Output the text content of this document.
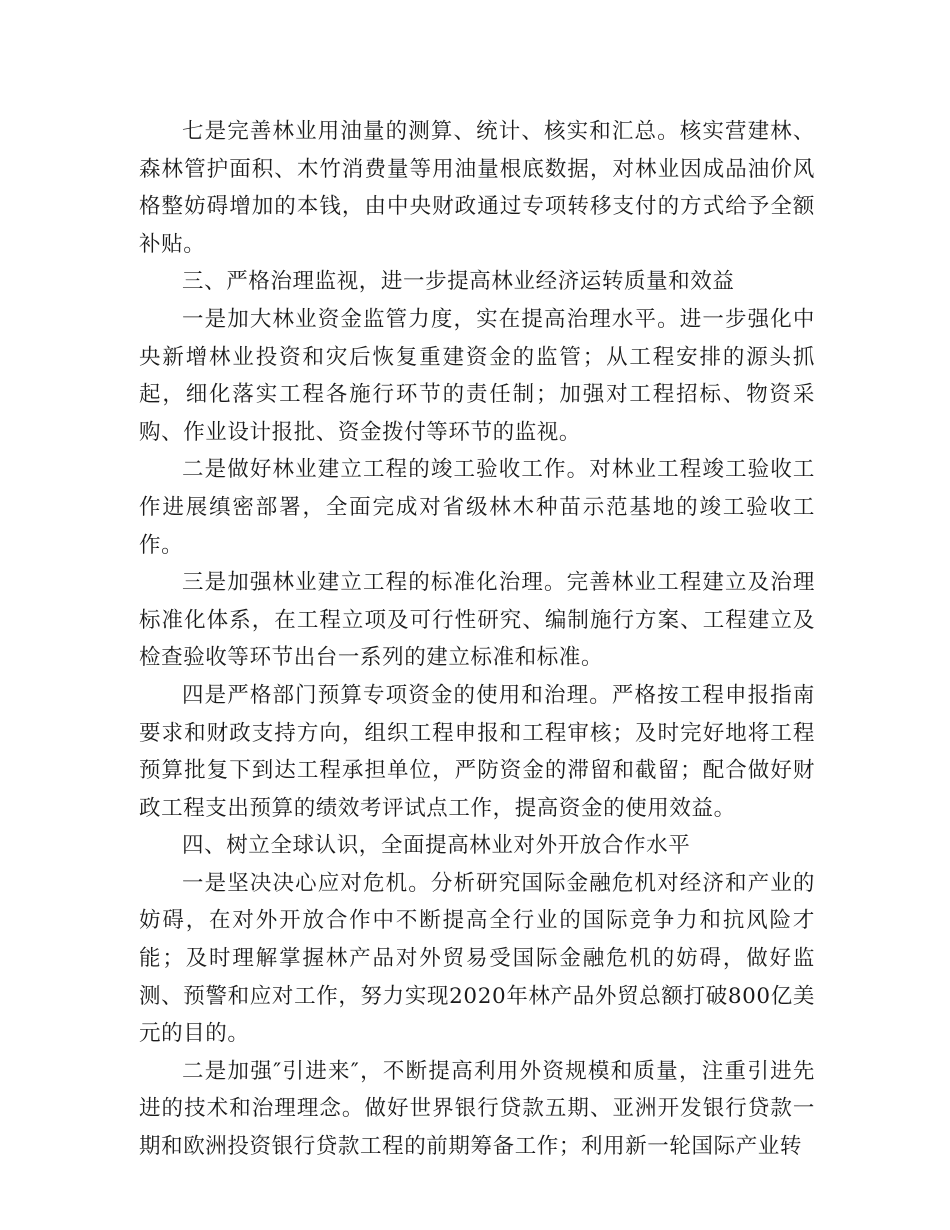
七是完善林业用油量的测算、统计、核实和汇总。核实营建林、森林管护面积、木竹消费量等用油量根底数据，对林业因成品油价风格整妨碍增加的本钱，由中央财政通过专项转移支付的方式给予全额补贴。

三、严格治理监视，进一步提高林业经济运转质量和效益

一是加大林业资金监管力度，实在提高治理水平。进一步强化中央新增林业投资和灾后恢复重建资金的监管；从工程安排的源头抓起，细化落实工程各施行环节的责任制；加强对工程招标、物资采购、作业设计报批、资金拨付等环节的监视。

二是做好林业建立工程的竣工验收工作。对林业工程竣工验收工作进展缜密部署，全面完成对省级林木种苗示范基地的竣工验收工作。

三是加强林业建立工程的标准化治理。完善林业工程建立及治理标准化体系，在工程立项及可行性研究、编制施行方案、工程建立及检查验收等环节出台一系列的建立标准和标准。

四是严格部门预算专项资金的使用和治理。严格按工程申报指南要求和财政支持方向，组织工程申报和工程审核；及时完好地将工程预算批复下到达工程承担单位，严防资金的滞留和截留；配合做好财政工程支出预算的绩效考评试点工作，提高资金的使用效益。

四、树立全球认识，全面提高林业对外开放合作水平

一是坚决决心应对危机。分析研究国际金融危机对经济和产业的妨碍，在对外开放合作中不断提高全行业的国际竞争力和抗风险才能；及时理解掌握林产品对外贸易受国际金融危机的妨碍，做好监测、预警和应对工作，努力实现2020年林产品外贸总额打破800亿美元的目的。

二是加强″引进来″，不断提高利用外资规模和质量，注重引进先进的技术和治理理念。做好世界银行贷款五期、亚洲开发银行贷款一期和欧洲投资银行贷款工程的前期筹备工作；利用新一轮国际产业转
